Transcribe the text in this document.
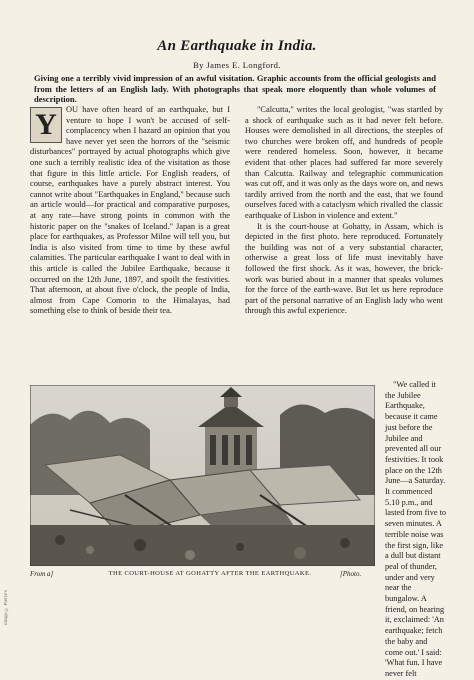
An Earthquake in India.
By James E. Longford.
Giving one a terribly vivid impression of an awful visitation. Graphic accounts from the official geologists and from the letters of an English lady. With photographs that speak more eloquently than whole volumes of description.
Y	OU have often heard of an earthquake, but I venture to hope I won't be accused of self-complacency when I hazard an opinion that you have never yet seen the horrors of the "seismic disturbances" portrayed by actual photographs which give one such a terribly realistic idea of the visitation as those that figure in this little article. For English readers, of course, earthquakes have a purely abstract interest. You cannot write about "Earthquakes in England," because such an article would—for practical and comparative purposes, at any rate—have strong points in common with the historic paper on the "snakes of Iceland." Japan is a great place for earthquakes, as Professor Milne will tell you, but India is also visited from time to time by these awful calamities. The particular earthquake I want to deal with in this article is called the Jubilee Earthquake, because it occurred on the 12th June, 1897, and spoilt the festivities. That afternoon, at about five o'clock, the people of India, almost from Cape Comorin to the Himalayas, had something else to think of beside their tea.

"Calcutta," writes the local geologist, "was startled by a shock of earthquake such as it had never felt before. Houses were demolished in all directions, the steeples of two churches were broken off, and hundreds of people were rendered homeless. Soon, however, it became evident that other places had suffered far more severely than Calcutta. Railway and telegraphic communication was cut off, and it was only as the days wore on, and news tardily arrived from the north and the east, that we found ourselves faced with a cataclysm which rivalled the classic earthquake of Lisbon in violence and extent."

It is the court-house at Gohatty, in Assam, which is depicted in the first photo. here reproduced. Fortunately the building was not of a very substantial character, otherwise a great loss of life must inevitably have followed the first shock. As it was, however, the brick-work was buried about in a manner that speaks volumes for the force of the earth-wave. But let us here reproduce part of the personal narrative of an English lady who went through this awful experience.

From a]	THE COURT-HOUSE AT GOHATTY AFTER THE EARTHQUAKE.	[Photo.

"We called it the Jubilee Earthquake, because it came just before the Jubilee and prevented all our festivities. It took place on the 12th June—a Saturday. It commenced 5.10 p.m., and lasted from five to seven minutes. A terrible noise was the first sign, like a dull but distant peal of thunder, under and very near the bungalow. A friend, on hearing it, exclaimed: 'An earthquake; fetch the baby and come out.' I said: 'What fun. I have never felt

image © Pierce's
